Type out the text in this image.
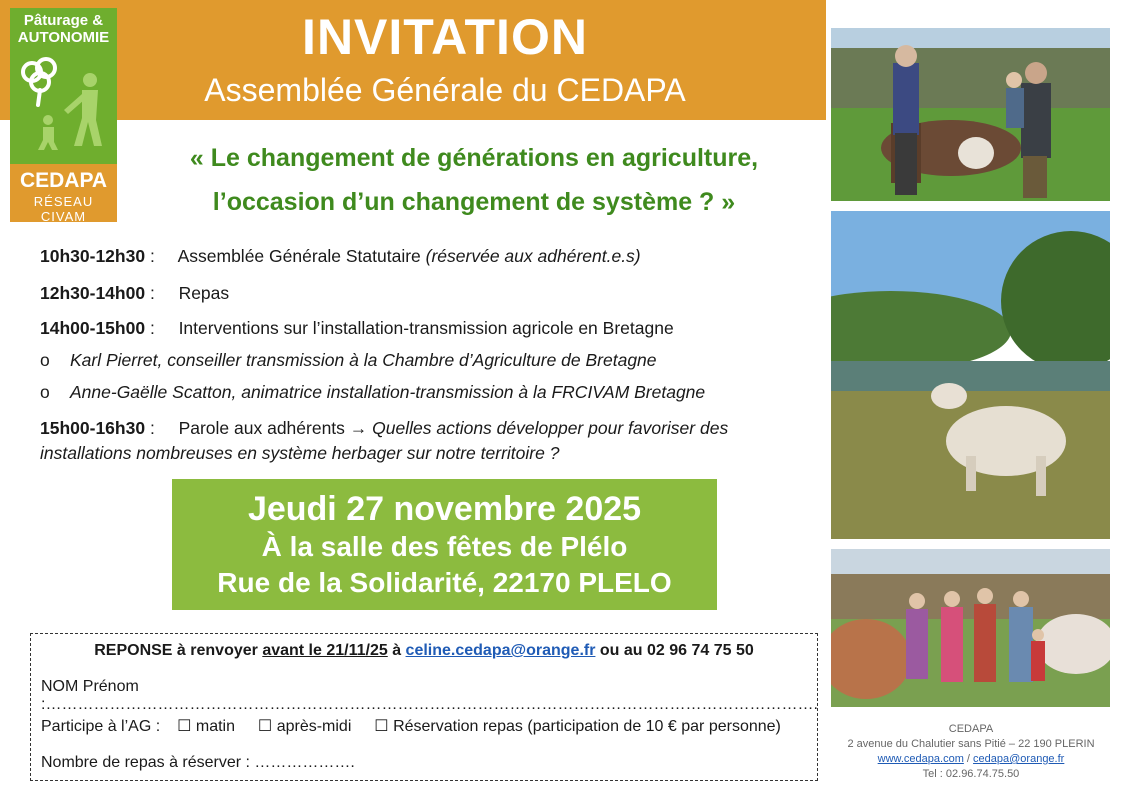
INVITATION
Assemblée Générale du CEDAPA
Pâturage &
AUTONOMIE
CEDAPA
RÉSEAU CIVAM
« Le changement de générations en agriculture,
l’occasion d’un changement de système ? »
10h30-12h30 : Assemblée Générale Statutaire (réservée aux adhérent.e.s)
12h30-14h00 : Repas
14h00-15h00 : Interventions sur l’installation-transmission agricole en Bretagne
o Karl Pierret, conseiller transmission à la Chambre d’Agriculture de Bretagne
o Anne-Gaëlle Scatton, animatrice installation-transmission à la FRCIVAM Bretagne
15h00-16h30 : Parole aux adhérents → Quelles actions développer pour favoriser des
installations nombreuses en système herbager sur notre territoire ?
Jeudi 27 novembre 2025
À la salle des fêtes de Plélo
Rue de la Solidarité, 22170 PLELO
REPONSE à renvoyer avant le 21/11/25 à celine.cedapa@orange.fr ou au 02 96 74 75 50
NOM Prénom :……………………………………………………………………………………………………………………………….
Participe à l’AG : ☐ matin ☐ après-midi ☐ Réservation repas (participation de 10 € par personne)
Nombre de repas à réserver : ……………….
CEDAPA
2 avenue du Chalutier sans Pitié – 22 190 PLERIN
www.cedapa.com / cedapa@orange.fr
Tel : 02.96.74.75.50
